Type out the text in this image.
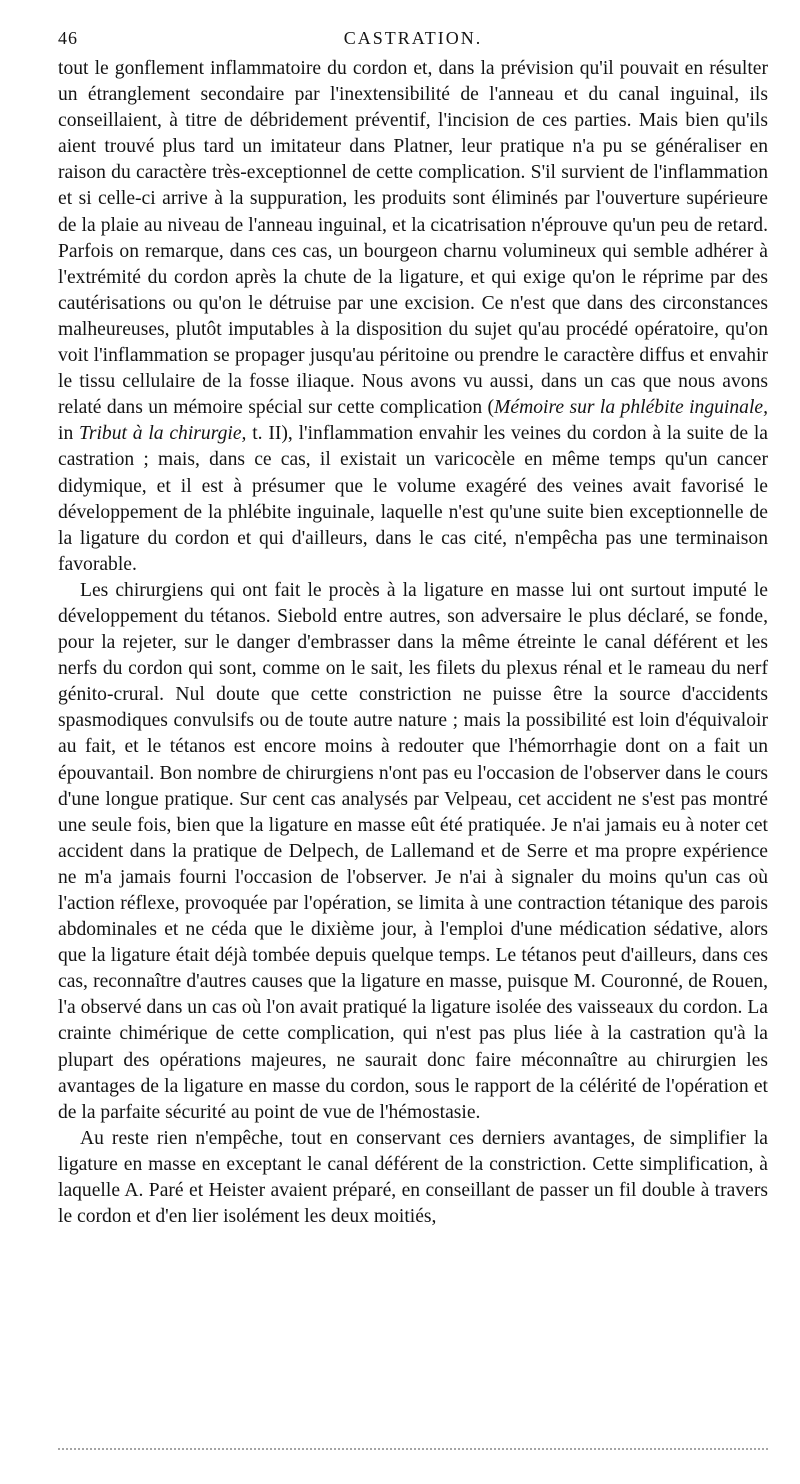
46	CASTRATION.

tout le gonflement inflammatoire du cordon et, dans la prévision qu'il pouvait en résulter un étranglement secondaire par l'inextensibilité de l'anneau et du canal inguinal, ils conseillaient, à titre de débridement préventif, l'incision de ces parties. Mais bien qu'ils aient trouvé plus tard un imitateur dans Platner, leur pratique n'a pu se généraliser en raison du caractère très-exceptionnel de cette complication. S'il survient de l'inflammation et si celle-ci arrive à la suppuration, les produits sont éliminés par l'ouverture supérieure de la plaie au niveau de l'anneau inguinal, et la cicatrisation n'éprouve qu'un peu de retard. Parfois on remarque, dans ces cas, un bourgeon charnu volumineux qui semble adhérer à l'extrémité du cordon après la chute de la ligature, et qui exige qu'on le réprime par des cautérisations ou qu'on le détruise par une excision. Ce n'est que dans des circonstances malheureuses, plutôt imputables à la disposition du sujet qu'au procédé opératoire, qu'on voit l'inflammation se propager jusqu'au péritoine ou prendre le caractère diffus et envahir le tissu cellulaire de la fosse iliaque. Nous avons vu aussi, dans un cas que nous avons relaté dans un mémoire spécial sur cette complication (Mémoire sur la phlébite inguinale, in Tribut à la chirurgie, t. II), l'inflammation envahir les veines du cordon à la suite de la castration ; mais, dans ce cas, il existait un varicocèle en même temps qu'un cancer didymique, et il est à présumer que le volume exagéré des veines avait favorisé le développement de la phlébite inguinale, laquelle n'est qu'une suite bien exceptionnelle de la ligature du cordon et qui d'ailleurs, dans le cas cité, n'empêcha pas une terminaison favorable.

Les chirurgiens qui ont fait le procès à la ligature en masse lui ont surtout imputé le développement du tétanos. Siebold entre autres, son adversaire le plus déclaré, se fonde, pour la rejeter, sur le danger d'embrasser dans la même étreinte le canal déférent et les nerfs du cordon qui sont, comme on le sait, les filets du plexus rénal et le rameau du nerf génito-crural. Nul doute que cette constriction ne puisse être la source d'accidents spasmodiques convulsifs ou de toute autre nature ; mais la possibilité est loin d'équivaloir au fait, et le tétanos est encore moins à redouter que l'hémorrhagie dont on a fait un épouvantail. Bon nombre de chirurgiens n'ont pas eu l'occasion de l'observer dans le cours d'une longue pratique. Sur cent cas analysés par Velpeau, cet accident ne s'est pas montré une seule fois, bien que la ligature en masse eût été pratiquée. Je n'ai jamais eu à noter cet accident dans la pratique de Delpech, de Lallemand et de Serre et ma propre expérience ne m'a jamais fourni l'occasion de l'observer. Je n'ai à signaler du moins qu'un cas où l'action réflexe, provoquée par l'opération, se limita à une contraction tétanique des parois abdominales et ne céda que le dixième jour, à l'emploi d'une médication sédative, alors que la ligature était déjà tombée depuis quelque temps. Le tétanos peut d'ailleurs, dans ces cas, reconnaître d'autres causes que la ligature en masse, puisque M. Couronné, de Rouen, l'a observé dans un cas où l'on avait pratiqué la ligature isolée des vaisseaux du cordon. La crainte chimérique de cette complication, qui n'est pas plus liée à la castration qu'à la plupart des opérations majeures, ne saurait donc faire méconnaître au chirurgien les avantages de la ligature en masse du cordon, sous le rapport de la célérité de l'opération et de la parfaite sécurité au point de vue de l'hémostasie.

Au reste rien n'empêche, tout en conservant ces derniers avantages, de simplifier la ligature en masse en exceptant le canal déférent de la constriction. Cette simplification, à laquelle A. Paré et Heister avaient préparé, en conseillant de passer un fil double à travers le cordon et d'en lier isolément les deux moitiés,
